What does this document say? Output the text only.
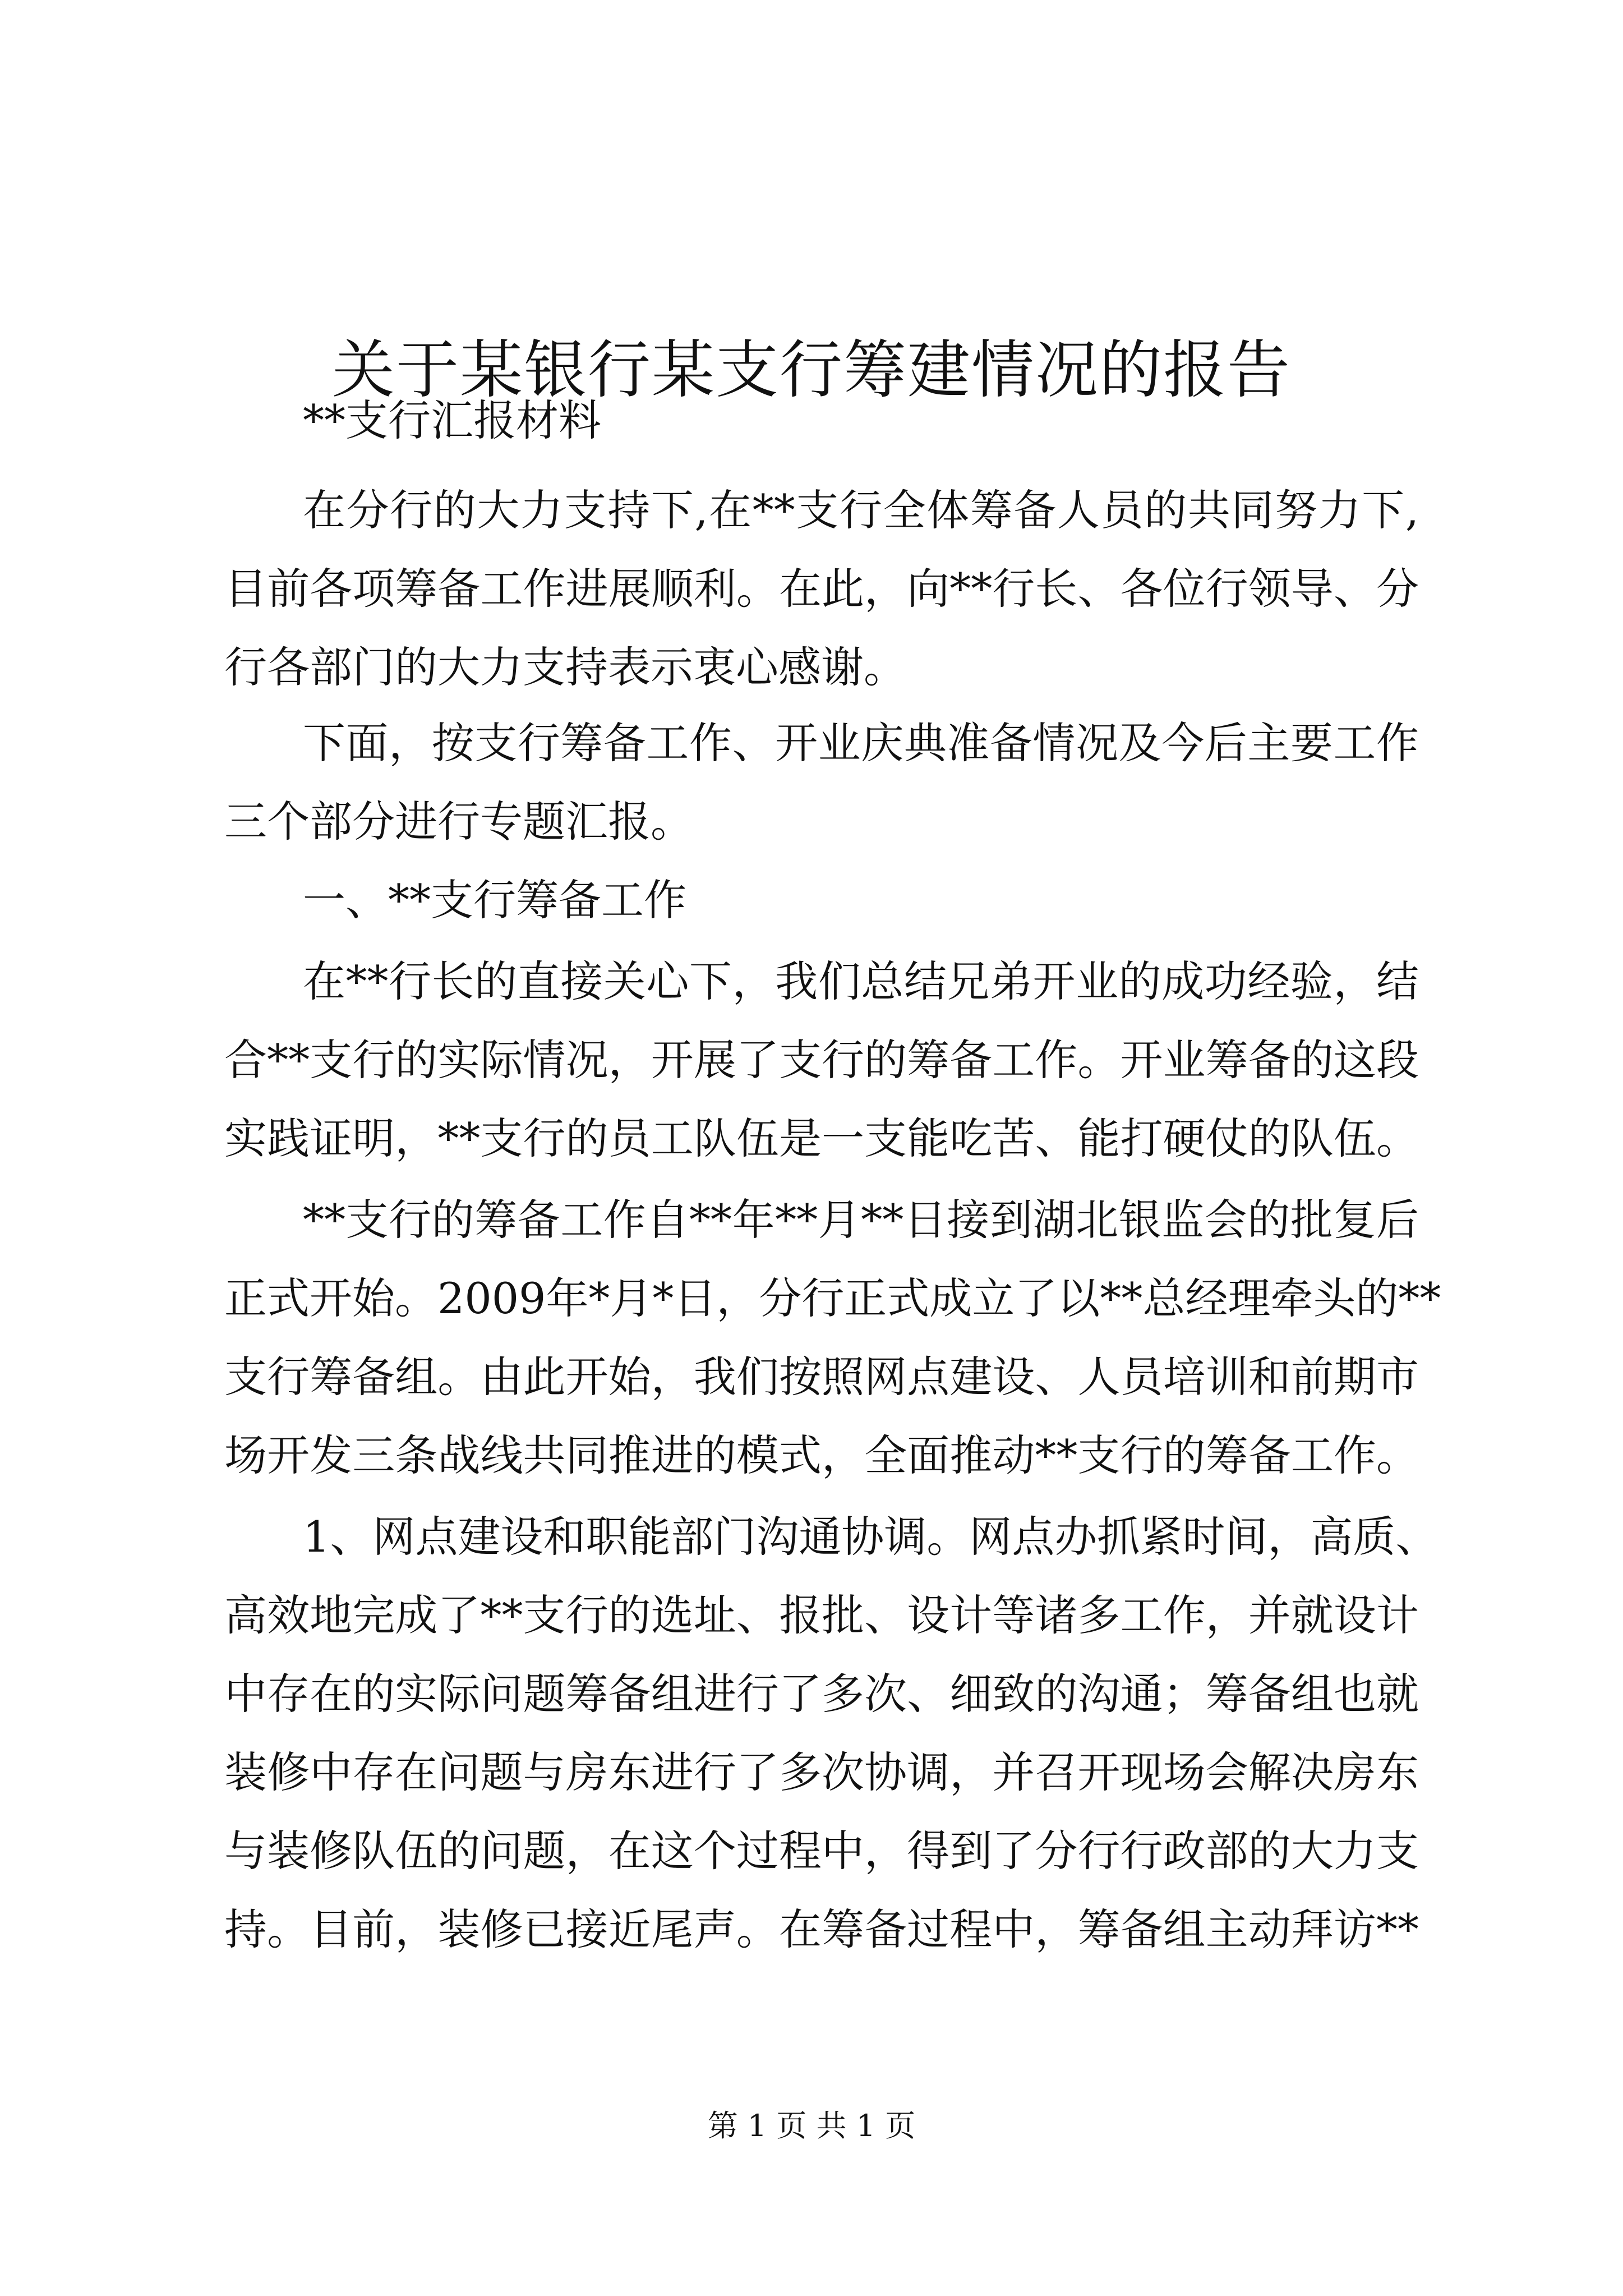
关于某银行某支行筹建情况的报告
**支行汇报材料
在分行的大力支持下,在**支行全体筹备人员的共同努力下,
目前各项筹备工作进展顺利。在此，向**行长、各位行领导、分
行各部门的大力支持表示衷心感谢。
下面，按支行筹备工作、开业庆典准备情况及今后主要工作
三个部分进行专题汇报。
一、**支行筹备工作
在**行长的直接关心下，我们总结兄弟开业的成功经验，结
合**支行的实际情况，开展了支行的筹备工作。开业筹备的这段
实践证明，**支行的员工队伍是一支能吃苦、能打硬仗的队伍。
**支行的筹备工作自**年**月**日接到湖北银监会的批复后
正式开始。2009年*月*日，分行正式成立了以**总经理牵头的**
支行筹备组。由此开始，我们按照网点建设、人员培训和前期市
场开发三条战线共同推进的模式，全面推动**支行的筹备工作。
1、网点建设和职能部门沟通协调。网点办抓紧时间，高质、
高效地完成了**支行的选址、报批、设计等诸多工作，并就设计
中存在的实际问题筹备组进行了多次、细致的沟通；筹备组也就
装修中存在问题与房东进行了多次协调，并召开现场会解决房东
与装修队伍的问题，在这个过程中，得到了分行行政部的大力支
持。目前，装修已接近尾声。在筹备过程中，筹备组主动拜访**
第 1 页 共 1 页
